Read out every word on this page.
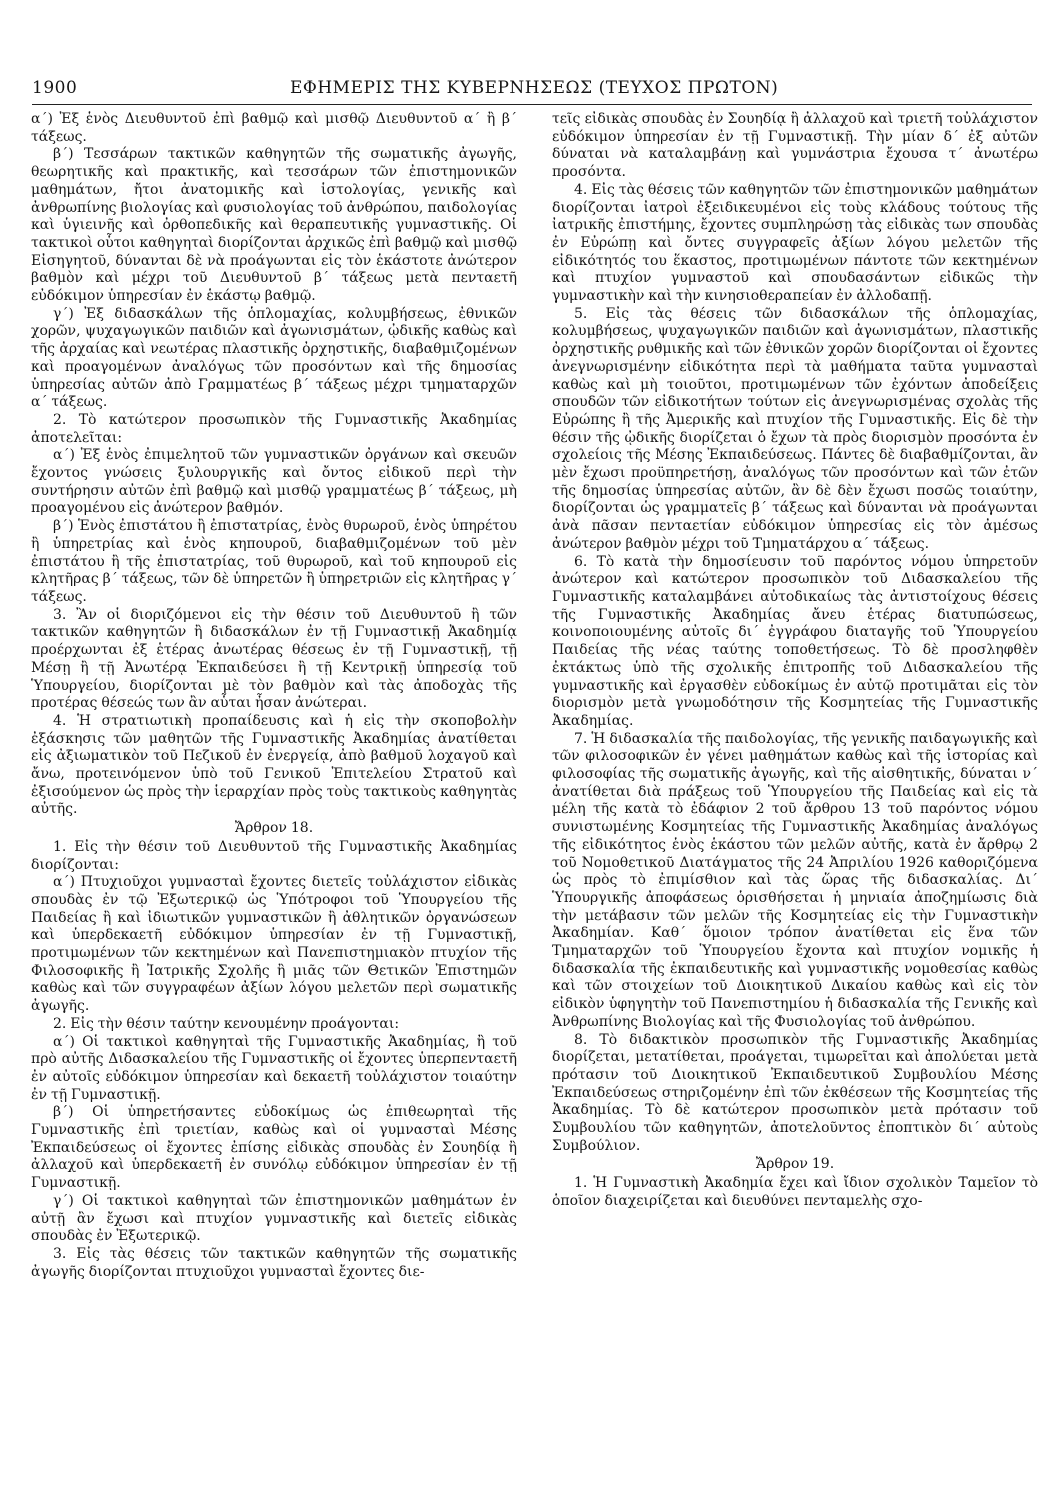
1900	ΕΦΗΜΕΡΙΣ ΤΗΣ ΚΥΒΕΡΝΗΣΕΩΣ (ΤΕΥΧΟΣ ΠΡΩΤΟΝ)

α΄) Ἐξ ἑνὸς Διευθυντοῦ ἐπὶ βαθμῷ καὶ μισθῷ Διευθυντοῦ α΄ ἢ β΄ τάξεως.

β΄) Τεσσάρων τακτικῶν καθηγητῶν τῆς σωματικῆς ἀγωγῆς, θεωρητικῆς καὶ πρακτικῆς, καὶ τεσσάρων τῶν ἐπιστημονικῶν μαθημάτων, ἤτοι ἀνατομικῆς καὶ ἱστολογίας, γενικῆς καὶ ἀνθρωπίνης βιολογίας καὶ φυσιολογίας τοῦ ἀνθρώπου, παιδολογίας καὶ ὑγιεινῆς καὶ ὀρθοπεδικῆς καὶ θεραπευτικῆς γυμναστικῆς. Οἱ τακτικοὶ οὗτοι καθηγηταὶ διορίζονται ἀρχικῶς ἐπὶ βαθμῷ καὶ μισθῷ Εἰσηγητοῦ, δύνανται δὲ νὰ προάγωνται εἰς τὸν ἑκάστοτε ἀνώτερον βαθμὸν καὶ μέχρι τοῦ Διευθυντοῦ β΄ τάξεως μετὰ πενταετῆ εὐδόκιμον ὑπηρεσίαν ἐν ἑκάστῳ βαθμῷ.

γ΄) Ἐξ διδασκάλων τῆς ὁπλομαχίας, κολυμβήσεως, ἐθνικῶν χορῶν, ψυχαγωγικῶν παιδιῶν καὶ ἀγωνισμάτων, ᾠδικῆς καθὼς καὶ τῆς ἀρχαίας καὶ νεωτέρας πλαστικῆς ὀρχηστικῆς, διαβαθμιζομένων καὶ προαγομένων ἀναλόγως τῶν προσόντων καὶ τῆς δημοσίας ὑπηρεσίας αὐτῶν ἀπὸ Γραμματέως β΄ τάξεως μέχρι τμηματαρχῶν α΄ τάξεως.

2. Τὸ κατώτερον προσωπικὸν τῆς Γυμναστικῆς Ἀκαδημίας ἀποτελεῖται:

α΄) Ἐξ ἑνὸς ἐπιμελητοῦ τῶν γυμναστικῶν ὀργάνων καὶ σκευῶν ἔχοντος γνώσεις ξυλουργικῆς καὶ ὄντος εἰδικοῦ περὶ τὴν συντήρησιν αὐτῶν ἐπὶ βαθμῷ καὶ μισθῷ γραμματέως β΄ τάξεως, μὴ προαγομένου εἰς ἀνώτερον βαθμόν.

β΄) Ἑνὸς ἐπιστάτου ἢ ἐπιστατρίας, ἑνὸς θυρωροῦ, ἑνὸς ὑπηρέτου ἢ ὑπηρετρίας καὶ ἑνὸς κηπουροῦ, διαβαθμιζομένων τοῦ μὲν ἐπιστάτου ἢ τῆς ἐπιστατρίας, τοῦ θυρωροῦ, καὶ τοῦ κηπουροῦ εἰς κλητῆρας β΄ τάξεως, τῶν δὲ ὑπηρετῶν ἢ ὑπηρετριῶν εἰς κλητῆρας γ΄ τάξεως.

3. Ἂν οἱ διοριζόμενοι εἰς τὴν θέσιν τοῦ Διευθυντοῦ ἢ τῶν τακτικῶν καθηγητῶν ἢ διδασκάλων ἐν τῇ Γυμναστικῇ Ἀκαδημίᾳ προέρχωνται ἐξ ἑτέρας ἀνωτέρας θέσεως ἐν τῇ Γυμναστικῇ, τῇ Μέσῃ ἢ τῇ Ἀνωτέρᾳ Ἐκπαιδεύσει ἢ τῇ Κεντρικῇ ὑπηρεσίᾳ τοῦ Ὑπουργείου, διορίζονται μὲ τὸν βαθμὸν καὶ τὰς ἀποδοχὰς τῆς προτέρας θέσεώς των ἂν αὗται ἦσαν ἀνώτεραι.

4. Ἡ στρατιωτικὴ προπαίδευσις καὶ ἡ εἰς τὴν σκοποβολὴν ἐξάσκησις τῶν μαθητῶν τῆς Γυμναστικῆς Ἀκαδημίας ἀνατίθεται εἰς ἀξιωματικὸν τοῦ Πεζικοῦ ἐν ἐνεργείᾳ, ἀπὸ βαθμοῦ λοχαγοῦ καὶ ἄνω, προτεινόμενον ὑπὸ τοῦ Γενικοῦ Ἐπιτελείου Στρατοῦ καὶ ἐξισούμενον ὡς πρὸς τὴν ἱεραρχίαν πρὸς τοὺς τακτικοὺς καθηγητὰς αὐτῆς.

Ἄρθρον 18.

1. Εἰς τὴν θέσιν τοῦ Διευθυντοῦ τῆς Γυμναστικῆς Ἀκαδημίας διορίζονται:

α΄) Πτυχιοῦχοι γυμνασταὶ ἔχοντες διετεῖς τοὐλάχιστον εἰδικὰς σπουδὰς ἐν τῷ Ἐξωτερικῷ ὡς Ὑπότροφοι τοῦ Ὑπουργείου τῆς Παιδείας ἢ καὶ ἰδιωτικῶν γυμναστικῶν ἢ ἀθλητικῶν ὀργανώσεων καὶ ὑπερδεκαετῆ εὐδόκιμον ὑπηρεσίαν ἐν τῇ Γυμναστικῇ, προτιμωμένων τῶν κεκτημένων καὶ Πανεπιστημιακὸν πτυχίον τῆς Φιλοσοφικῆς ἢ Ἰατρικῆς Σχολῆς ἢ μιᾶς τῶν Θετικῶν Ἐπιστημῶν καθὼς καὶ τῶν συγγραφέων ἀξίων λόγου μελετῶν περὶ σωματικῆς ἀγωγῆς.

2. Εἰς τὴν θέσιν ταύτην κενουμένην προάγονται:

α΄) Οἱ τακτικοὶ καθηγηταὶ τῆς Γυμναστικῆς Ἀκαδημίας, ἢ τοῦ πρὸ αὐτῆς Διδασκαλείου τῆς Γυμναστικῆς οἱ ἔχοντες ὑπερπενταετῆ ἐν αὐτοῖς εὐδόκιμον ὑπηρεσίαν καὶ δεκαετῆ τοὐλάχιστον τοιαύτην ἐν τῇ Γυμναστικῇ.

β΄) Οἱ ὑπηρετήσαντες εὐδοκίμως ὡς ἐπιθεωρηταὶ τῆς Γυμναστικῆς ἐπὶ τριετίαν, καθὼς καὶ οἱ γυμνασταὶ Μέσης Ἐκπαιδεύσεως οἱ ἔχοντες ἐπίσης εἰδικὰς σπουδὰς ἐν Σουηδίᾳ ἢ ἀλλαχοῦ καὶ ὑπερδεκαετῆ ἐν συνόλῳ εὐδόκιμον ὑπηρεσίαν ἐν τῇ Γυμναστικῇ.

γ΄) Οἱ τακτικοὶ καθηγηταὶ τῶν ἐπιστημονικῶν μαθημάτων ἐν αὐτῇ ἂν ἔχωσι καὶ πτυχίον γυμναστικῆς καὶ διετεῖς εἰδικὰς σπουδὰς ἐν Ἐξωτερικῷ.

3. Εἰς τὰς θέσεις τῶν τακτικῶν καθηγητῶν τῆς σωματικῆς ἀγωγῆς διορίζονται πτυχιοῦχοι γυμνασταὶ ἔχοντες διε-

τεῖς εἰδικὰς σπουδὰς ἐν Σουηδίᾳ ἢ ἀλλαχοῦ καὶ τριετῆ τοὐλάχιστον εὐδόκιμον ὑπηρεσίαν ἐν τῇ Γυμναστικῇ. Τὴν μίαν δ΄ ἐξ αὐτῶν δύναται νὰ καταλαμβάνῃ καὶ γυμνάστρια ἔχουσα τ΄ ἀνωτέρω προσόντα.

4. Εἰς τὰς θέσεις τῶν καθηγητῶν τῶν ἐπιστημονικῶν μαθημάτων διορίζονται ἰατροὶ ἐξειδικευμένοι εἰς τοὺς κλάδους τούτους τῆς ἰατρικῆς ἐπιστήμης, ἔχοντες συμπληρώσῃ τὰς εἰδικὰς των σπουδὰς ἐν Εὐρώπῃ καὶ ὄντες συγγραφεῖς ἀξίων λόγου μελετῶν τῆς εἰδικότητός του ἕκαστος, προτιμωμένων πάντοτε τῶν κεκτημένων καὶ πτυχίον γυμναστοῦ καὶ σπουδασάντων εἰδικῶς τὴν γυμναστικὴν καὶ τὴν κινησιοθεραπείαν ἐν ἀλλοδαπῇ.

5. Εἰς τὰς θέσεις τῶν διδασκάλων τῆς ὁπλομαχίας, κολυμβήσεως, ψυχαγωγικῶν παιδιῶν καὶ ἀγωνισμάτων, πλαστικῆς ὀρχηστικῆς ρυθμικῆς καὶ τῶν ἐθνικῶν χορῶν διορίζονται οἱ ἔχοντες ἀνεγνωρισμένην εἰδικότητα περὶ τὰ μαθήματα ταῦτα γυμνασταὶ καθὼς καὶ μὴ τοιοῦτοι, προτιμωμένων τῶν ἐχόντων ἀποδείξεις σπουδῶν τῶν εἰδικοτήτων τούτων εἰς ἀνεγνωρισμένας σχολὰς τῆς Εὐρώπης ἢ τῆς Ἀμερικῆς καὶ πτυχίον τῆς Γυμναστικῆς. Εἰς δὲ τὴν θέσιν τῆς ᾠδικῆς διορίζεται ὁ ἔχων τὰ πρὸς διορισμὸν προσόντα ἐν σχολείοις τῆς Μέσης Ἐκπαιδεύσεως. Πάντες δὲ διαβαθμίζονται, ἂν μὲν ἔχωσι προϋπηρετήσῃ, ἀναλόγως τῶν προσόντων καὶ τῶν ἐτῶν τῆς δημοσίας ὑπηρεσίας αὐτῶν, ἂν δὲ δὲν ἔχωσι ποσῶς τοιαύτην, διορίζονται ὡς γραμματεῖς β΄ τάξεως καὶ δύνανται νὰ προάγωνται ἀνὰ πᾶσαν πενταετίαν εὐδόκιμον ὑπηρεσίας εἰς τὸν ἀμέσως ἀνώτερον βαθμὸν μέχρι τοῦ Τμηματάρχου α΄ τάξεως.

6. Τὸ κατὰ τὴν δημοσίευσιν τοῦ παρόντος νόμου ὑπηρετοῦν ἀνώτερον καὶ κατώτερον προσωπικὸν τοῦ Διδασκαλείου τῆς Γυμναστικῆς καταλαμβάνει αὐτοδικαίως τὰς ἀντιστοίχους θέσεις τῆς Γυμναστικῆς Ἀκαδημίας ἄνευ ἑτέρας διατυπώσεως, κοινοποιουμένης αὐτοῖς δι΄ ἐγγράφου διαταγῆς τοῦ Ὑπουργείου Παιδείας τῆς νέας ταύτης τοποθετήσεως. Τὸ δὲ προσληφθὲν ἐκτάκτως ὑπὸ τῆς σχολικῆς ἐπιτροπῆς τοῦ Διδασκαλείου τῆς γυμναστικῆς καὶ ἐργασθὲν εὐδοκίμως ἐν αὐτῷ προτιμᾶται εἰς τὸν διορισμὸν μετὰ γνωμοδότησιν τῆς Κοσμητείας τῆς Γυμναστικῆς Ἀκαδημίας.

7. Ἡ διδασκαλία τῆς παιδολογίας, τῆς γενικῆς παιδαγωγικῆς καὶ τῶν φιλοσοφικῶν ἐν γένει μαθημάτων καθὼς καὶ τῆς ἱστορίας καὶ φιλοσοφίας τῆς σωματικῆς ἀγωγῆς, καὶ τῆς αἰσθητικῆς, δύναται ν΄ ἀνατίθεται διὰ πράξεως τοῦ Ὑπουργείου τῆς Παιδείας καὶ εἰς τὰ μέλη τῆς κατὰ τὸ ἐδάφιον 2 τοῦ ἄρθρου 13 τοῦ παρόντος νόμου συνιστωμένης Κοσμητείας τῆς Γυμναστικῆς Ἀκαδημίας ἀναλόγως τῆς εἰδικότητος ἑνὸς ἑκάστου τῶν μελῶν αὐτῆς, κατὰ ἐν ἄρθρῳ 2 τοῦ Νομοθετικοῦ Διατάγματος τῆς 24 Ἀπριλίου 1926 καθοριζόμενα ὡς πρὸς τὸ ἐπιμίσθιον καὶ τὰς ὥρας τῆς διδασκαλίας. Δι΄ Ὑπουργικῆς ἀποφάσεως ὁρισθήσεται ἡ μηνιαία ἀποζημίωσις διὰ τὴν μετάβασιν τῶν μελῶν τῆς Κοσμητείας εἰς τὴν Γυμναστικὴν Ἀκαδημίαν. Καθ΄ ὅμοιον τρόπον ἀνατίθεται εἰς ἕνα τῶν Τμηματαρχῶν τοῦ Ὑπουργείου ἔχοντα καὶ πτυχίον νομικῆς ἡ διδασκαλία τῆς ἐκπαιδευτικῆς καὶ γυμναστικῆς νομοθεσίας καθὼς καὶ τῶν στοιχείων τοῦ Διοικητικοῦ Δικαίου καθὼς καὶ εἰς τὸν εἰδικὸν ὑφηγητὴν τοῦ Πανεπιστημίου ἡ διδασκαλία τῆς Γενικῆς καὶ Ἀνθρωπίνης Βιολογίας καὶ τῆς Φυσιολογίας τοῦ ἀνθρώπου.

8. Τὸ διδακτικὸν προσωπικὸν τῆς Γυμναστικῆς Ἀκαδημίας διορίζεται, μετατίθεται, προάγεται, τιμωρεῖται καὶ ἀπολύεται μετὰ πρότασιν τοῦ Διοικητικοῦ Ἐκπαιδευτικοῦ Συμβουλίου Μέσης Ἐκπαιδεύσεως στηριζομένην ἐπὶ τῶν ἐκθέσεων τῆς Κοσμητείας τῆς Ἀκαδημίας. Τὸ δὲ κατώτερον προσωπικὸν μετὰ πρότασιν τοῦ Συμβουλίου τῶν καθηγητῶν, ἀποτελοῦντος ἐποπτικὸν δι΄ αὐτοὺς Συμβούλιον.

Ἄρθρον 19.

1. Ἡ Γυμναστικὴ Ἀκαδημία ἔχει καὶ ἴδιον σχολικὸν Ταμεῖον τὸ ὁποῖον διαχειρίζεται καὶ διευθύνει πενταμελὴς σχο-
